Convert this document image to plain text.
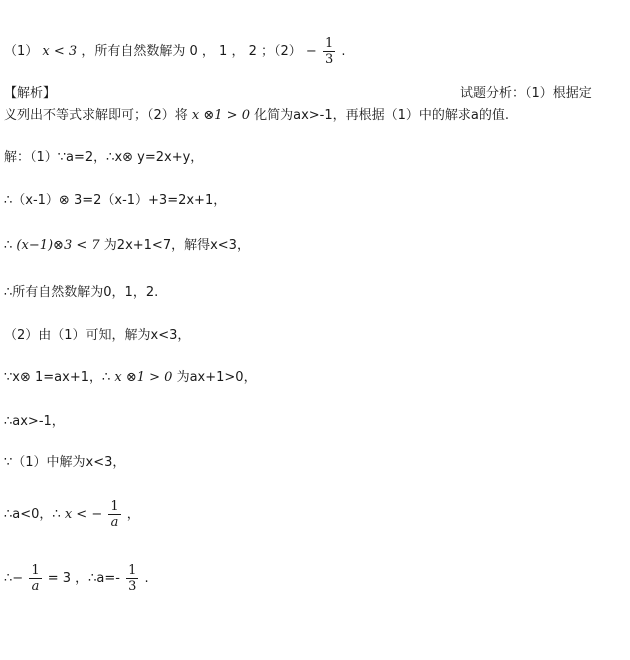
（1） x < 3 ，所有自然数解为 0 ， 1 ， 2 ；$(2) - \frac{1}{3}$ .
【解析】	试题分析：（1）根据定
义列出不等式求解即可；（2）将 x ⊗1 > 0 化简为ax>-1，再根据（1）中的解求a的值.
解：（1）∵a=2，∴x⊗ y=2x+y，
∴（x-1）⊗ 3=2（x-1）+3=2x+1，
∴ (x−1)⊗3 < 7 为2x+1<7，解得x<3，
∴所有自然数解为0，1，2.
（2）由（1）可知，解为x<3，
∵x⊗ 1=ax+1，∴ x ⊗1 > 0 为ax+1>0，
∴ax>-1，
∵（1）中解为x<3，
∴a<0，∴ x < − $\frac{1}{a}$ ，
∴− $\frac{1}{a} = 3$ ，∴a=- $\frac{1}{3}$ .
